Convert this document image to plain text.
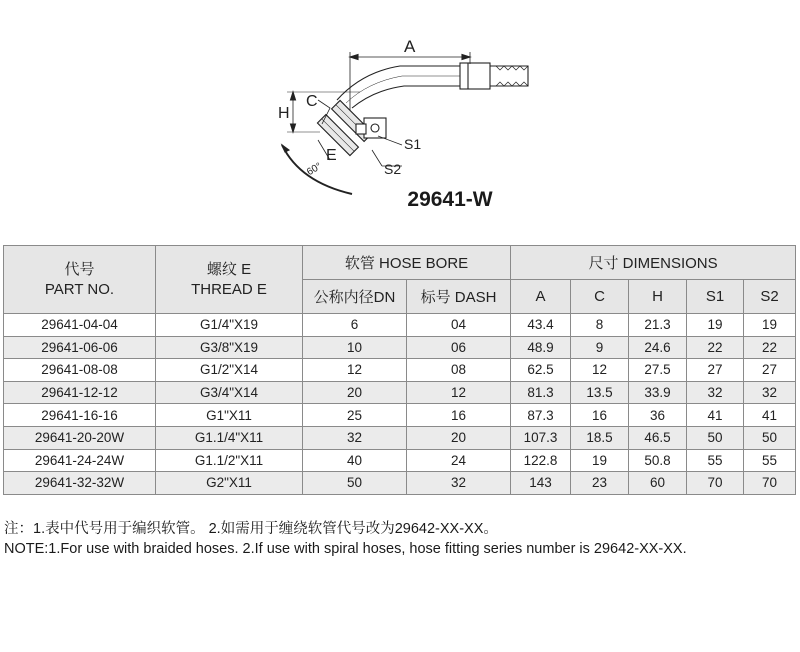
A
H
C
E
S1
S2
60°
29641-W
代号
PART NO.	螺纹 E
THREAD E	软管 HOSE BORE		尺寸 DIMENSIONS				
		公称内径DN	标号 DASH	A	C	H	S1	S2
29641-04-04	G1/4"X19	6	04	43.4	8	21.3	19	19
29641-06-06	G3/8"X19	10	06	48.9	9	24.6	22	22
29641-08-08	G1/2"X14	12	08	62.5	12	27.5	27	27
29641-12-12	G3/4"X14	20	12	81.3	13.5	33.9	32	32
29641-16-16	G1"X11	25	16	87.3	16	36	41	41
29641-20-20W	G1.1/4"X11	32	20	107.3	18.5	46.5	50	50
29641-24-24W	G1.1/2"X11	40	24	122.8	19	50.8	55	55
29641-32-32W	G2"X11	50	32	143	23	60	70	70
注：1.表中代号用于编织软管。 2.如需用于缠绕软管代号改为29642-XX-XX。
NOTE:1.For use with braided hoses. 2.If use with spiral hoses, hose fitting series number is 29642-XX-XX.
